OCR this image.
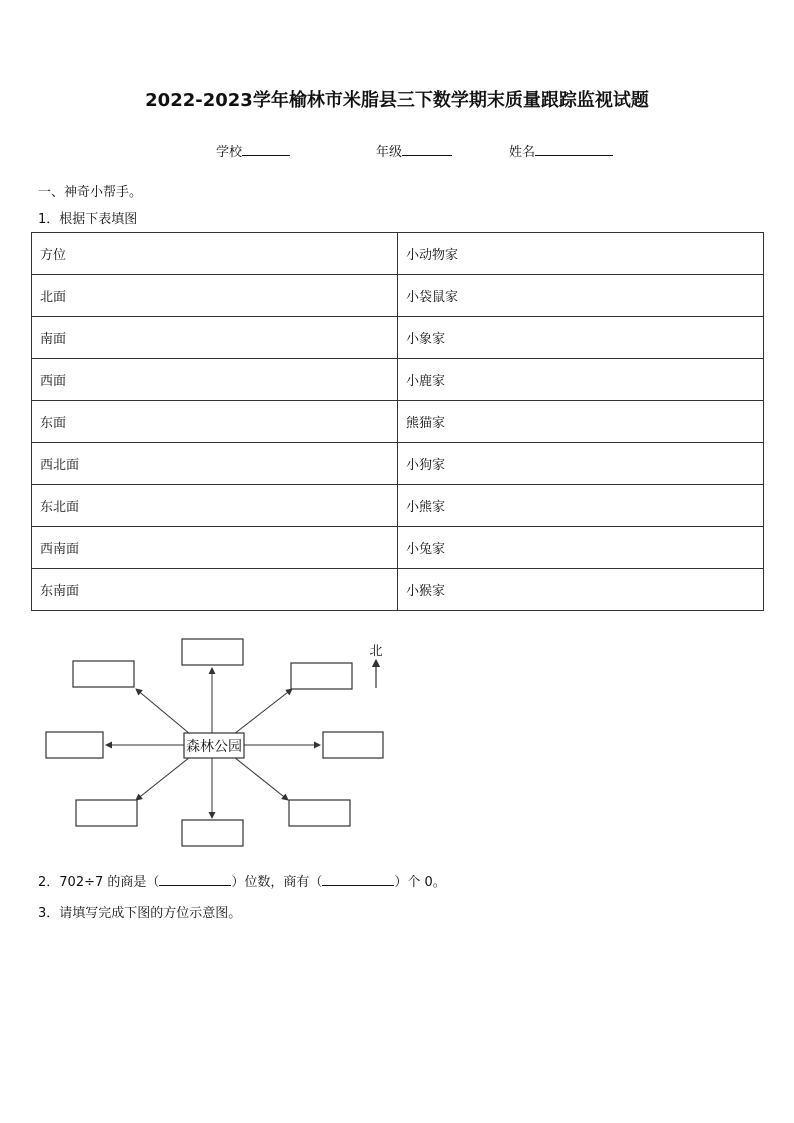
2022-2023学年榆林市米脂县三下数学期末质量跟踪监视试题
学校	年级	姓名
一、神奇小帮手。
1．根据下表填图
方位	小动物家
北面	小袋鼠家
南面	小象家
西面	小鹿家
东面	熊猫家
西北面	小狗家
东北面	小熊家
西南面	小兔家
东南面	小猴家
森林公园
北
2．702÷7 的商是（	）位数，商有（	）个 0。
3．请填写完成下图的方位示意图。
